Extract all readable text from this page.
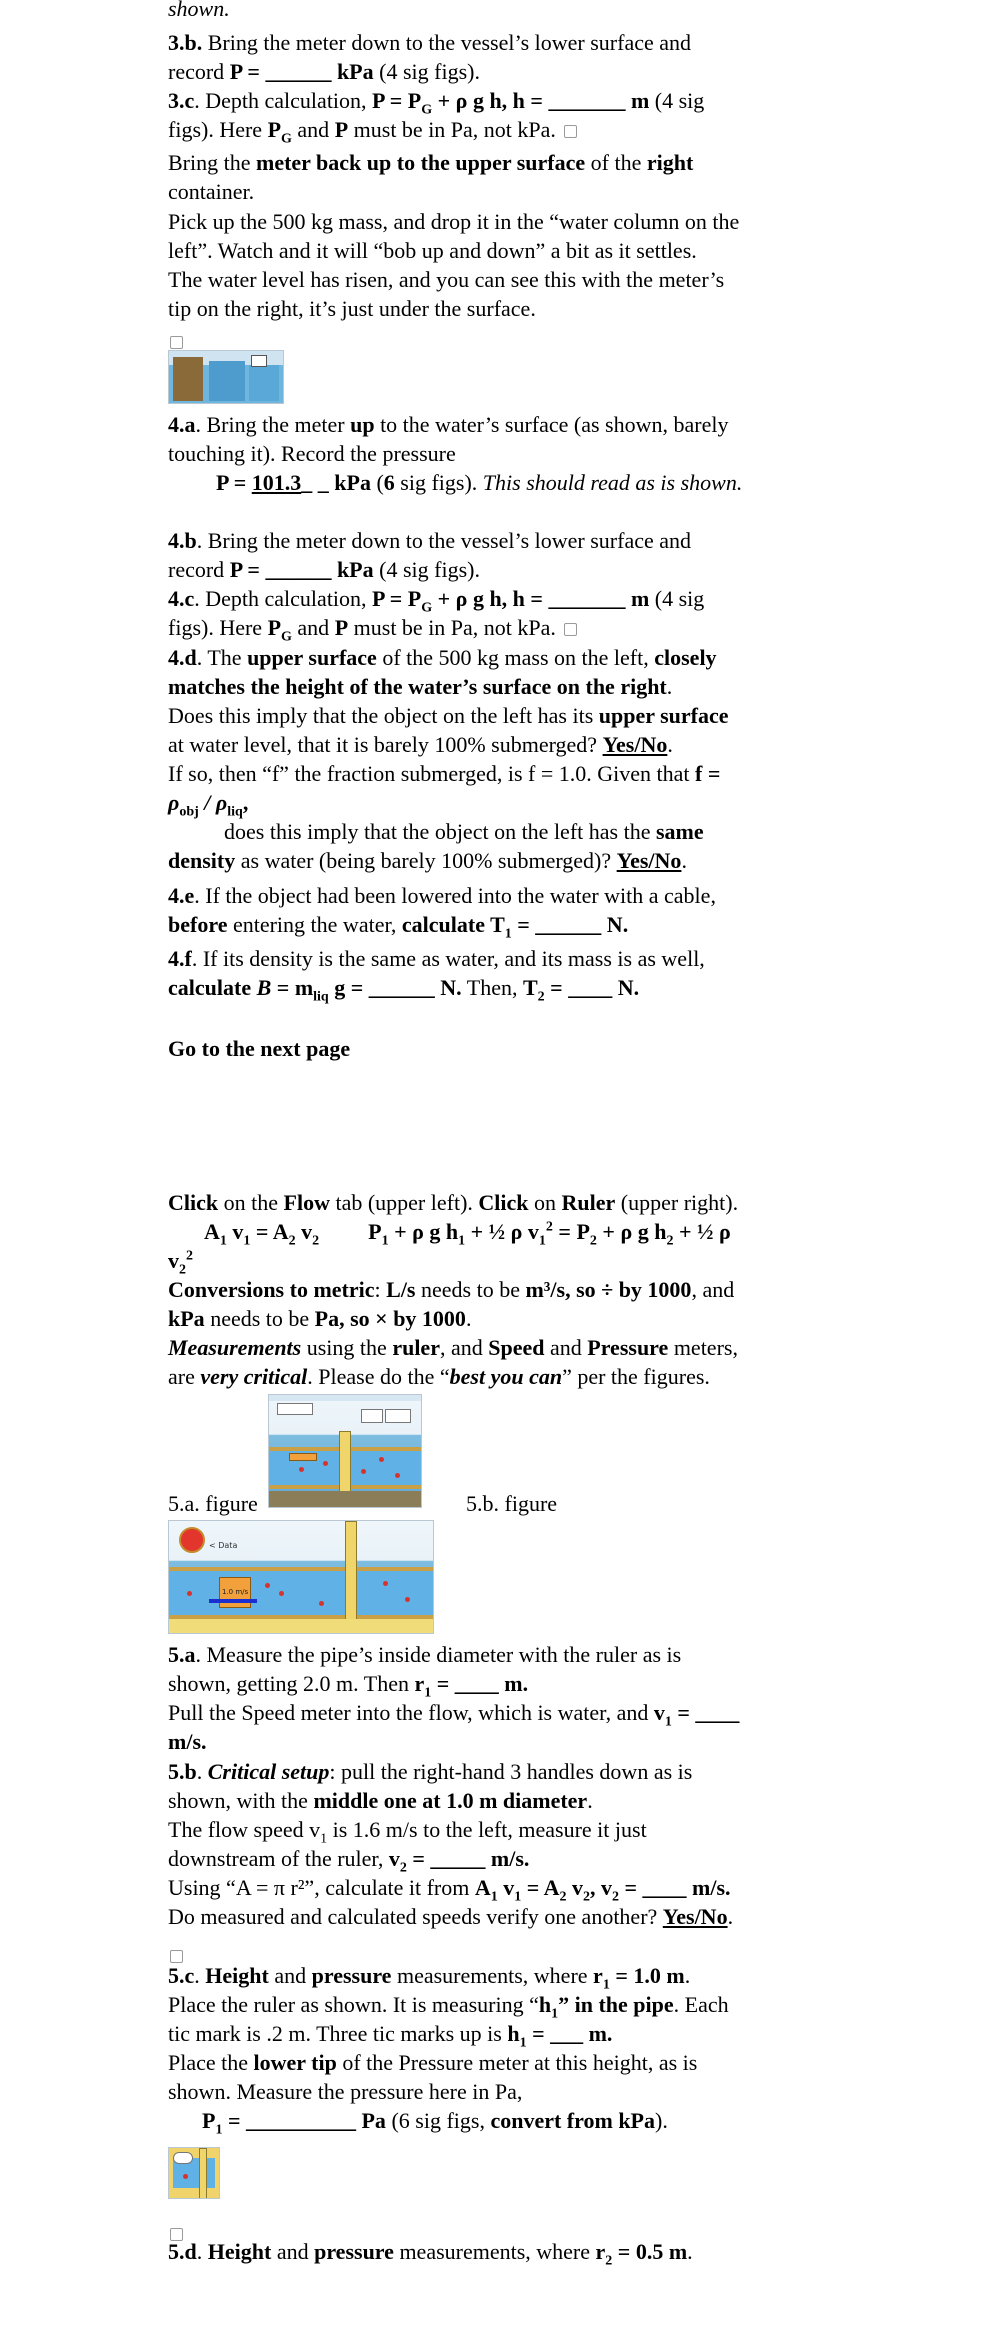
shown.
3.b. Bring the meter down to the vessel’s lower surface and
record P = ______ kPa (4 sig figs).
3.c. Depth calculation, $P = P_G + \rho$ g h, h = _______ m (4 sig
figs). Here $P_G$ and P must be in Pa, not kPa.
Bring the meter back up to the upper surface of the right
container.
Pick up the 500 kg mass, and drop it in the “water column on the
left”. Watch and it will “bob up and down” a bit as it settles.
The water level has risen, and you can see this with the meter’s
tip on the right, it’s just under the surface.
4.a. Bring the meter up to the water’s surface (as shown, barely
touching it). Record the pressure
P = 101.3_ _ kPa (6 sig figs). This should read as is shown.
4.b. Bring the meter down to the vessel’s lower surface and
record P = ______ kPa (4 sig figs).
4.c. Depth calculation, $P = P_G + \rho$ g h, h = _______ m (4 sig
figs). Here $P_G$ and P must be in Pa, not kPa.
4.d. The upper surface of the 500 kg mass on the left, closely
matches the height of the water’s surface on the right.
Does this imply that the object on the left has its upper surface
at water level, that it is barely 100% submerged? Yes/No.
If so, then “f” the fraction submerged, is f = 1.0. Given that f =
$\rho_{obj} / \rho_{liq}$,
does this imply that the object on the left has the same
density as water (being barely 100% submerged)? Yes/No.
4.e. If the object had been lowered into the water with a cable,
before entering the water, calculate $T_1$ = ______ N.
4.f. If its density is the same as water, and its mass is as well,
calculate $B = m_{liq}$ g = ______ N. Then, $T_2$ = ____ N.
Go to the next page
Click on the Flow tab (upper left). Click on Ruler (upper right).
$A_1$ $v_1 = A_2$ $v_2$ $P_1 + \rho$ g $h_1$ + ½ ρ $v_1^2 = P_2 + \rho$ g $h_2$ + ½ ρ
$v_2^2$
Conversions to metric: L/s needs to be m³/s, so ÷ by 1000, and
kPa needs to be Pa, so × by 1000.
Measurements using the ruler, and Speed and Pressure meters,
are very critical. Please do the “best you can” per the figures.
5.a. figure	5.b. figure
< Data
1.0 m/s
5.a. Measure the pipe’s inside diameter with the ruler as is
shown, getting 2.0 m. Then $r_1$ = ____ m.
Pull the Speed meter into the flow, which is water, and $v_1$ = ____
m/s.
5.b. Critical setup: pull the right-hand 3 handles down as is
shown, with the middle one at 1.0 m diameter.
The flow speed $v_1$ is 1.6 m/s to the left, measure it just
downstream of the ruler, $v_2$ = _____ m/s.
Using “A = π r²”, calculate it from $A_1$ $v_1 = A_2$ $v_2$, $v_2$ = ____ m/s.
Do measured and calculated speeds verify one another? Yes/No.
5.c. Height and pressure measurements, where $r_1 = 1.0$ m.
Place the ruler as shown. It is measuring “$h_1$” in the pipe. Each
tic mark is .2 m. Three tic marks up is $h_1$ = ___ m.
Place the lower tip of the Pressure meter at this height, as is
shown. Measure the pressure here in Pa,
$P_1$ = __________ Pa (6 sig figs, convert from kPa).
5.d. Height and pressure measurements, where $r_2 = 0.5$ m.
